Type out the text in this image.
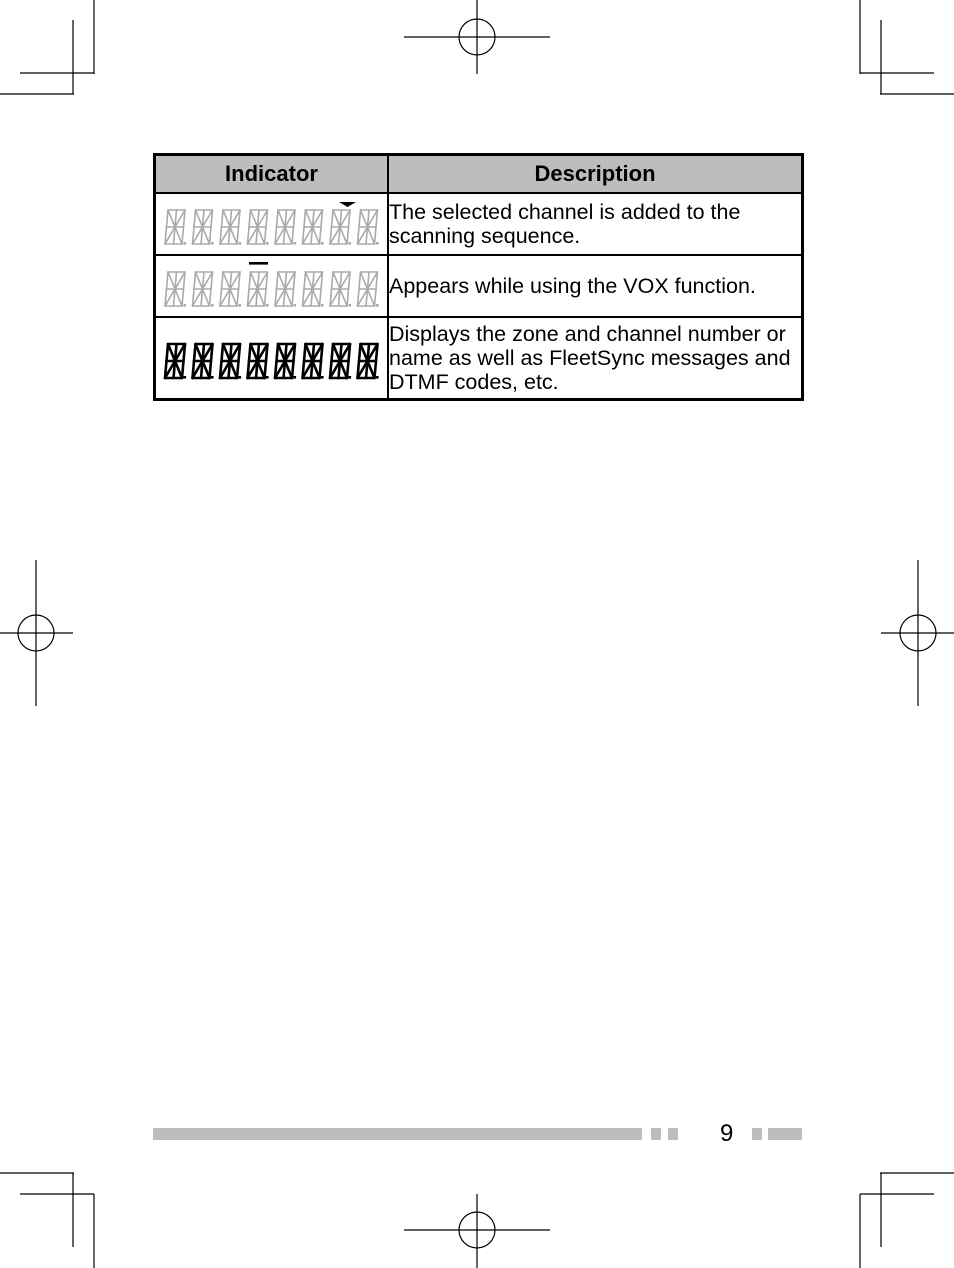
Indicator	Description

	The selected channel is added to the scanning sequence.

	Appears while using the VOX function.

	Displays the zone and channel number or name as well as FleetSync messages and DTMF codes, etc.
9
